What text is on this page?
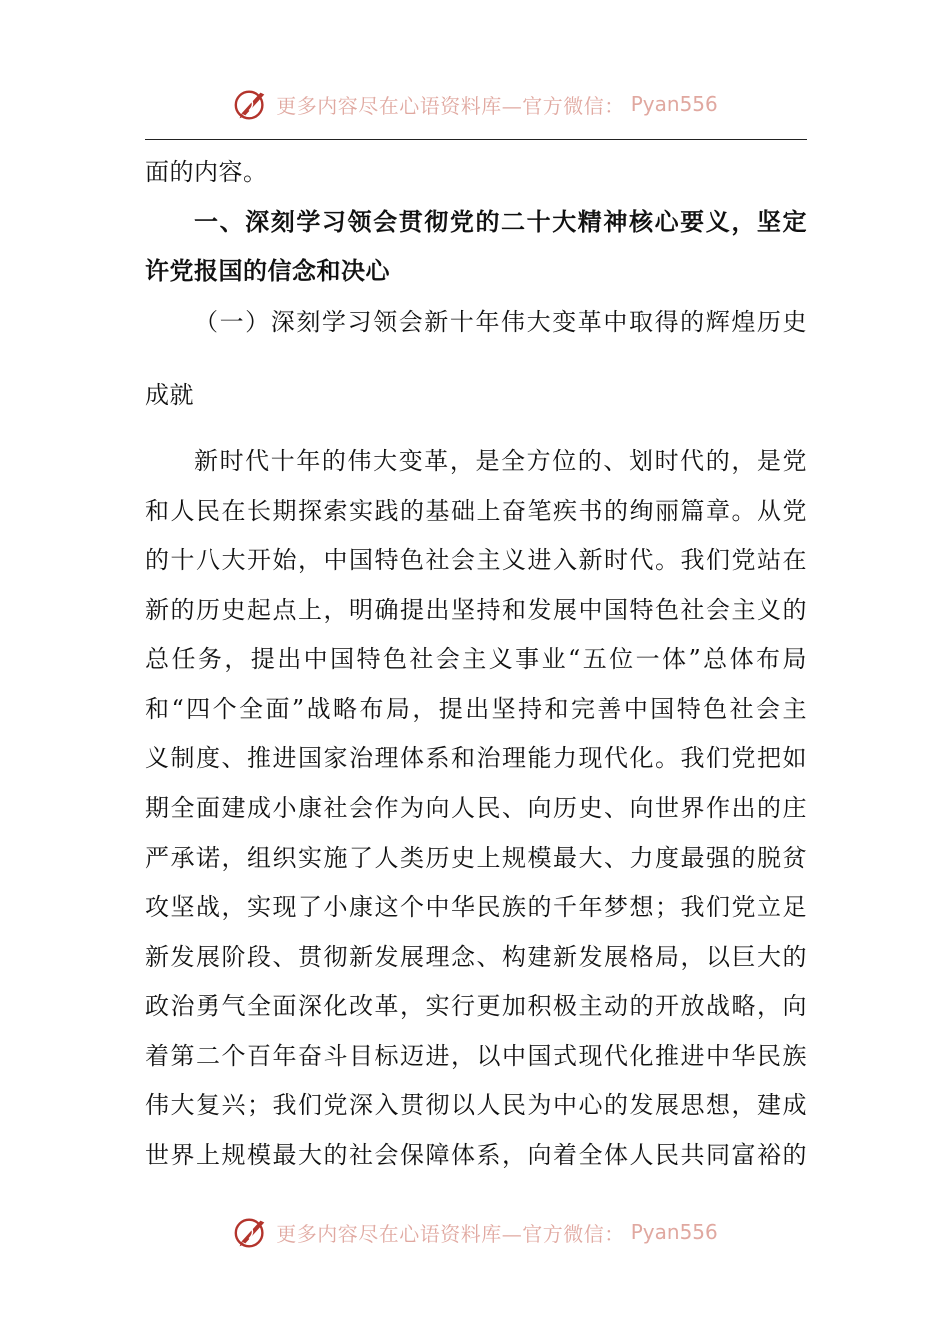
更多内容尽在心语资料库—官方微信： Pyan556
面的内容。
一、深刻学习领会贯彻党的二十大精神核心要义，坚定
许党报国的信念和决心
（一）深刻学习领会新十年伟大变革中取得的辉煌历史
成就
新时代十年的伟大变革，是全方位的、划时代的，是党
和人民在长期探索实践的基础上奋笔疾书的绚丽篇章。从党
的十八大开始，中国特色社会主义进入新时代。我们党站在
新的历史起点上，明确提出坚持和发展中国特色社会主义的
总任务，提出中国特色社会主义事业“五位一体”总体布局
和“四个全面”战略布局，提出坚持和完善中国特色社会主
义制度、推进国家治理体系和治理能力现代化。我们党把如
期全面建成小康社会作为向人民、向历史、向世界作出的庄
严承诺，组织实施了人类历史上规模最大、力度最强的脱贫
攻坚战，实现了小康这个中华民族的千年梦想；我们党立足
新发展阶段、贯彻新发展理念、构建新发展格局，以巨大的
政治勇气全面深化改革，实行更加积极主动的开放战略，向
着第二个百年奋斗目标迈进，以中国式现代化推进中华民族
伟大复兴；我们党深入贯彻以人民为中心的发展思想，建成
世界上规模最大的社会保障体系，向着全体人民共同富裕的
更多内容尽在心语资料库—官方微信： Pyan556
